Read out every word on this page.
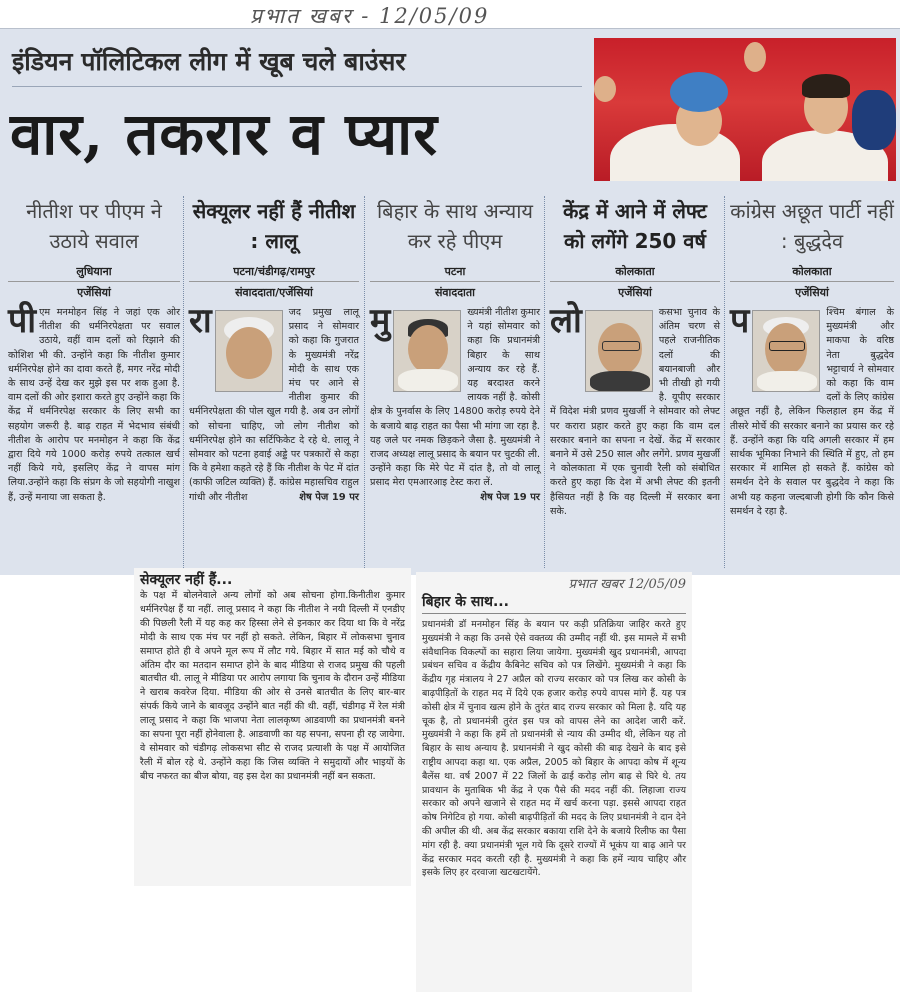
प्रभात खबर - 12/05/09
इंडियन पॉलिटिकल लीग में खूब चले बाउंसर
वार, तकरार व प्यार
नीतीश पर पीएम ने उठाये सवाल
लुधियाना
एजेंसियां
पीएम मनमोहन सिंह ने जहां एक ओर नीतीश की धर्मनिरपेक्षता पर सवाल उठाये, वहीं वाम दलों को रिझाने की कोशिश भी की. उन्होंने कहा कि नीतीश कुमार धर्मनिरपेक्ष होने का दावा करते हैं, मगर नरेंद्र मोदी के साथ उन्हें देख कर मुझे इस पर शक हुआ है. वाम दलों की ओर इशारा करते हुए उन्होंने कहा कि केंद्र में धर्मनिरपेक्ष सरकार के लिए सभी का सहयोग जरूरी है. बाढ़ राहत में भेदभाव संबंधी नीतीश के आरोप पर मनमोहन ने कहा कि केंद्र द्वारा दिये गये 1000 करोड़ रुपये तत्काल खर्च नहीं किये गये, इसलिए केंद्र ने वापस मांग लिया.उन्होंने कहा कि संप्रग के जो सहयोगी नाखुश हैं, उन्हें मनाया जा सकता है.
सेक्यूलर नहीं हैं नीतीश : लालू
पटना/चंडीगढ़/रामपुर
संवाददाता/एजेंसियां
रा	जद प्रमुख लालू प्रसाद ने सोमवार को कहा कि गुजरात के मुख्यमंत्री नरेंद्र मोदी के साथ एक मंच पर आने से नीतीश कुमार की धर्मनिरपेक्षता की पोल खुल गयी है. अब उन लोगों को सोचना चाहिए, जो लोग नीतीश को धर्मनिरपेक्ष होने का सर्टिफिकेट दे रहे थे. लालू ने सोमवार को पटना हवाई अड्डे पर पत्रकारों से कहा कि वे हमेशा कहते रहे हैं कि नीतीश के पेट में दांत (काफी जटिल व्यक्ति) हैं. कांग्रेस महासचिव राहुल गांधी और नीतीश	शेष पेज 19 पर
बिहार के साथ अन्याय कर रहे पीएम
पटना
संवाददाता
मु	ख्यमंत्री नीतीश कुमार ने यहां सोमवार को कहा कि प्रधानमंत्री बिहार के साथ अन्याय कर रहे हैं. यह बरदाश्त करने लायक नहीं है. कोसी क्षेत्र के पुनर्वास के लिए 14800 करोड़ रुपये देने के बजाये बाढ़ राहत का पैसा भी मांगा जा रहा है. यह जले पर नमक छिड़कने जैसा है. मुख्यमंत्री ने राजद अध्यक्ष लालू प्रसाद के बयान पर चुटकी ली. उन्होंने कहा कि मेरे पेट में दांत है, तो वो लालू प्रसाद मेरा एमआरआइ टेस्ट करा लें.
शेष पेज 19 पर
केंद्र में आने में लेफ्ट को लगेंगे 250 वर्ष
कोलकाता
एजेंसियां
लो	कसभा चुनाव के अंतिम चरण से पहले राजनीतिक दलों की बयानबाजी और भी तीखी हो गयी है. यूपीए सरकार में विदेश मंत्री प्रणव मुखर्जी ने सोमवार को लेफ्ट पर करारा प्रहार करते हुए कहा कि वाम दल सरकार बनाने का सपना न देखें. केंद्र में सरकार बनाने में उसे 250 साल और लगेंगे. प्रणव मुखर्जी ने कोलकाता में एक चुनावी रैली को संबोधित करते हुए कहा कि देश में अभी लेफ्ट की इतनी हैसियत नहीं है कि वह दिल्ली में सरकार बना सके.
कांग्रेस अछूत पार्टी नहीं : बुद्धदेव
कोलकाता
एजेंसियां
प	श्चिम बंगाल के मुख्यमंत्री और माकपा के वरिष्ठ नेता बुद्धदेव भट्टाचार्य ने सोमवार को कहा कि वाम दलों के लिए कांग्रेस अछूत नहीं है, लेकिन फिलहाल हम केंद्र में तीसरे मोर्चे की सरकार बनाने का प्रयास कर रहे हैं. उन्होंने कहा कि यदि अगली सरकार में हम सार्थक भूमिका निभाने की स्थिति में हुए, तो हम सरकार में शामिल हो सकते हैं. कांग्रेस को समर्थन देने के सवाल पर बुद्धदेव ने कहा कि अभी यह कहना जल्दबाजी होगी कि कौन किसे समर्थन दे रहा है.
सेक्यूलर नहीं हैं...
के पक्ष में बोलनेवाले अन्य लोगों को अब सोचना होगा.किनीतीश कुमार धर्मनिरपेक्ष हैं या नहीं. लालू प्रसाद ने कहा कि नीतीश ने नयी दिल्ली में एनडीए की पिछली रैली में यह कह कर हिस्सा लेने से इनकार कर दिया था कि वे नरेंद्र मोदी के साथ एक मंच पर नहीं हो सकते. लेकिन, बिहार में लोकसभा चुनाव समाप्त होते ही वे अपने मूल रूप में लौट गये. बिहार में सात मई को चौथे व अंतिम दौर का मतदान समाप्त होने के बाद मीडिया से राजद प्रमुख की पहली बातचीत थी. लालू ने मीडिया पर आरोप लगाया कि चुनाव के दौरान उन्हें मीडिया ने खराब कवरेज दिया. मीडिया की ओर से उनसे बातचीत के लिए बार-बार संपर्क किये जाने के बावजूद उन्होंने बात नहीं की थी. वहीं, चंडीगढ़ में रेल मंत्री लालू प्रसाद ने कहा कि भाजपा नेता लालकृष्ण आडवाणी का प्रधानमंत्री बनने का सपना पूरा नहीं होनेवाला है. आडवाणी का यह सपना, सपना ही रह जायेगा. वे सोमवार को चंडीगढ़ लोकसभा सीट से राजद प्रत्याशी के पक्ष में आयोजित रैली में बोल रहे थे. उन्होंने कहा कि जिस व्यक्ति ने समुदायों और भाइयों के बीच नफरत का बीज बोया, वह इस देश का प्रधानमंत्री नहीं बन सकता.
प्रभात खबर 12/05/09
बिहार के साथ...
प्रधानमंत्री डॉ मनमोहन सिंह के बयान पर कड़ी प्रतिक्रिया जाहिर करते हुए मुख्यमंत्री ने कहा कि उनसे ऐसे वक्तव्य की उम्मीद नहीं थी. इस मामले में सभी संवैधानिक विकल्पों का सहारा लिया जायेगा. मुख्यमंत्री खुद प्रधानमंत्री, आपदा प्रबंधन सचिव व केंद्रीय कैबिनेट सचिव को पत्र लिखेंगे. मुख्यमंत्री ने कहा कि केंद्रीय गृह मंत्रालय ने 27 अप्रैल को राज्य सरकार को पत्र लिख कर कोसी के बाढ़पीड़ितों के राहत मद में दिये एक हजार करोड़ रुपये वापस मांगे हैं. यह पत्र कोसी क्षेत्र में चुनाव खत्म होने के तुरंत बाद राज्य सरकार को मिला है. यदि यह चूक है, तो प्रधानमंत्री तुरंत इस पत्र को वापस लेने का आदेश जारी करें. मुख्यमंत्री ने कहा कि हमें तो प्रधानमंत्री से न्याय की उम्मीद थी, लेकिन यह तो बिहार के साथ अन्याय है. प्रधानमंत्री ने खुद कोसी की बाढ़ देखने के बाद इसे राष्ट्रीय आपदा कहा था. एक अप्रैल, 2005 को बिहार के आपदा कोष में शून्य बैलेंस था. वर्ष 2007 में 22 जिलों के ढाई करोड़ लोग बाढ़ से घिरे थे. तय प्रावधान के मुताबिक भी केंद्र ने एक पैसे की मदद नहीं की. लिहाजा राज्य सरकार को अपने खजाने से राहत मद में खर्च करना पड़ा. इससे आपदा राहत कोष निगेटिव हो गया. कोसी बाढ़पीड़ितों की मदद के लिए प्रधानमंत्री ने दान देने की अपील की थी. अब केंद्र सरकार बकाया राशि देने के बजाये रिलीफ का पैसा मांग रही है. क्या प्रधानमंत्री भूल गये कि दूसरे राज्यों में भूकंप या बाढ़ आने पर केंद्र सरकार मदद करती रही है. मुख्यमंत्री ने कहा कि हमें न्याय चाहिए और इसके लिए हर दरवाजा खटखटायेंगे.
